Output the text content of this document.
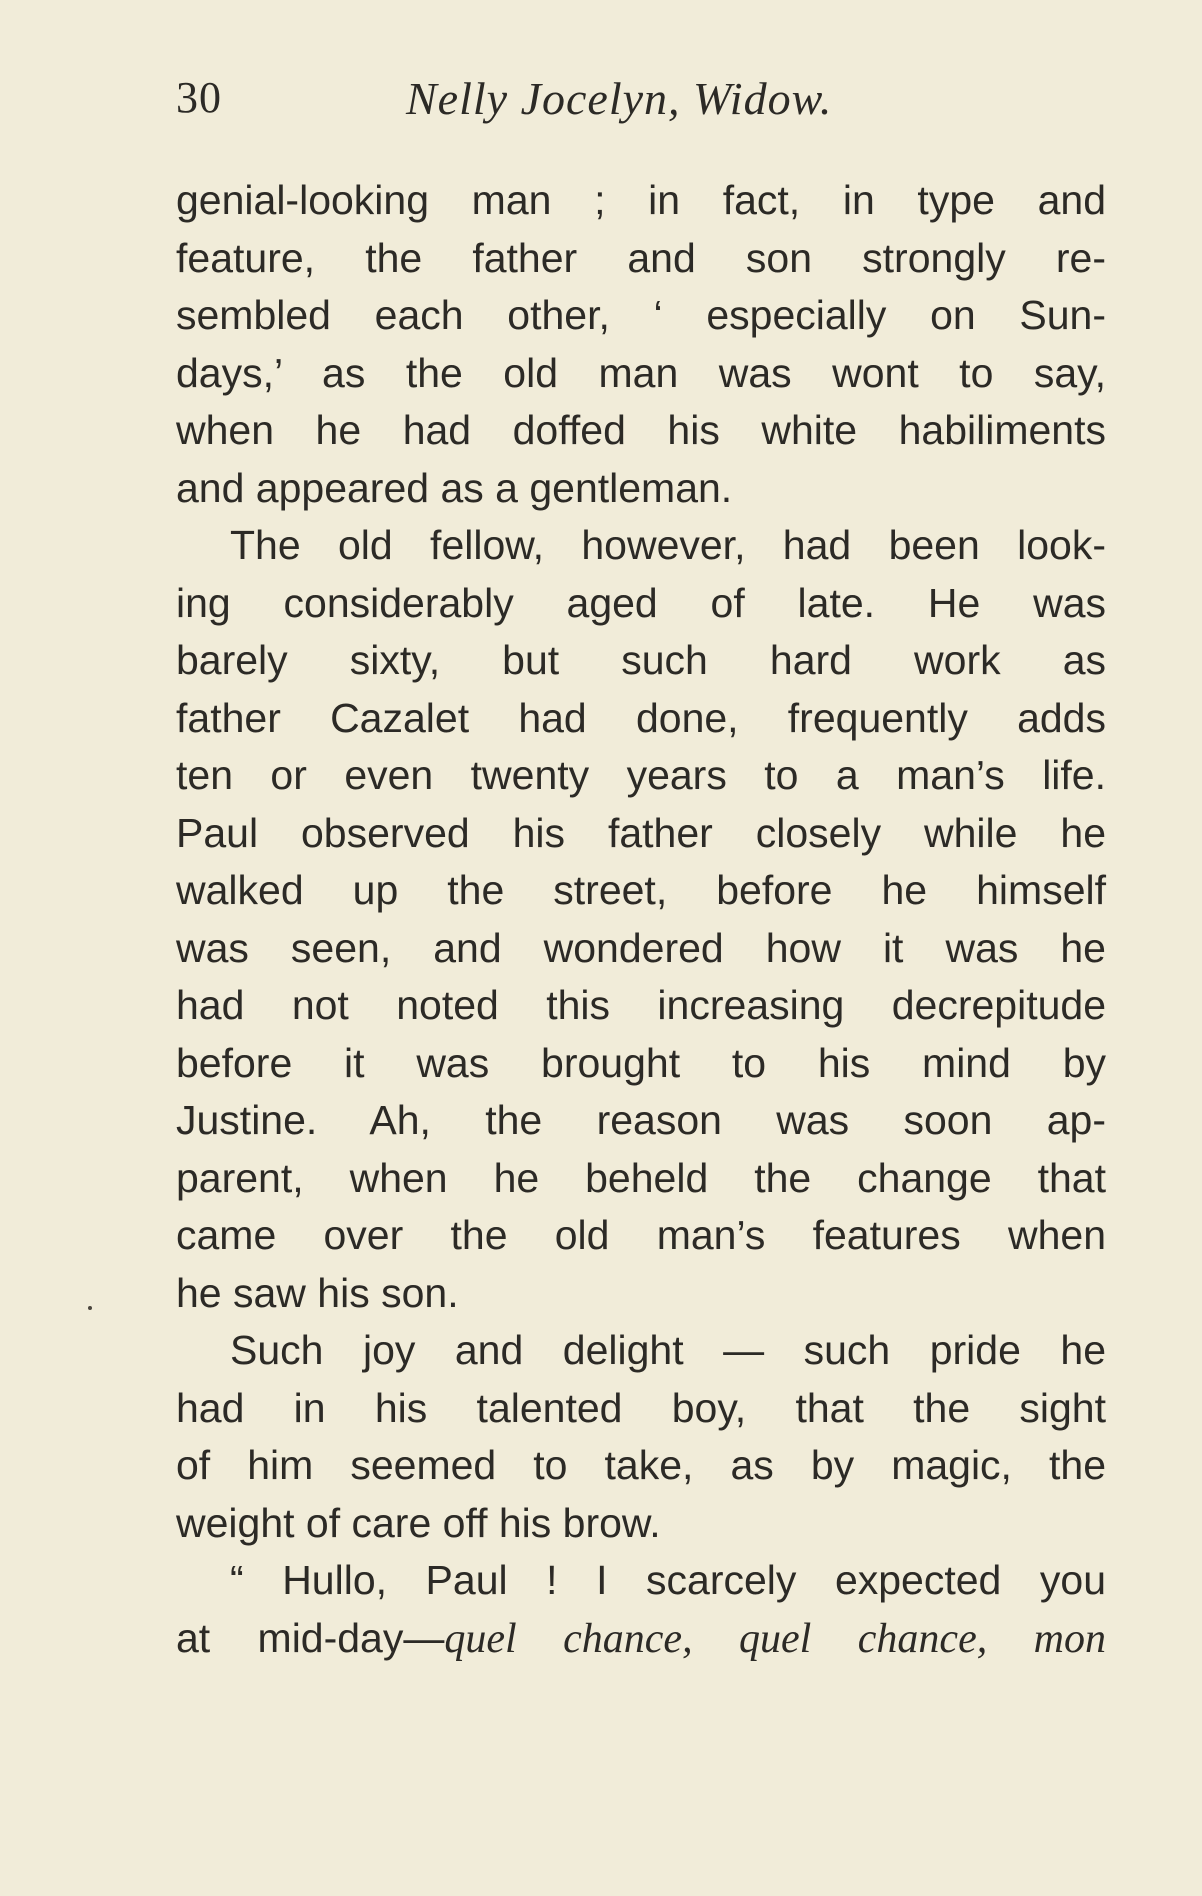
30	Nelly Jocelyn, Widow.
genial-looking man ; in fact, in type and
feature, the father and son strongly re-
sembled each other, ‘ especially on Sun-
days,’ as the old man was wont to say,
when he had doffed his white habiliments
and appeared as a gentleman.
The old fellow, however, had been look-
ing considerably aged of late. He was
barely sixty, but such hard work as
father Cazalet had done, frequently adds
ten or even twenty years to a man’s life.
Paul observed his father closely while he
walked up the street, before he himself
was seen, and wondered how it was he
had not noted this increasing decrepitude
before it was brought to his mind by
Justine. Ah, the reason was soon ap-
parent, when he beheld the change that
came over the old man’s features when
he saw his son.
Such joy and delight — such pride he
had in his talented boy, that the sight
of him seemed to take, as by magic, the
weight of care off his brow.
“ Hullo, Paul ! I scarcely expected you
at mid-day—quel chance, quel chance, mon
